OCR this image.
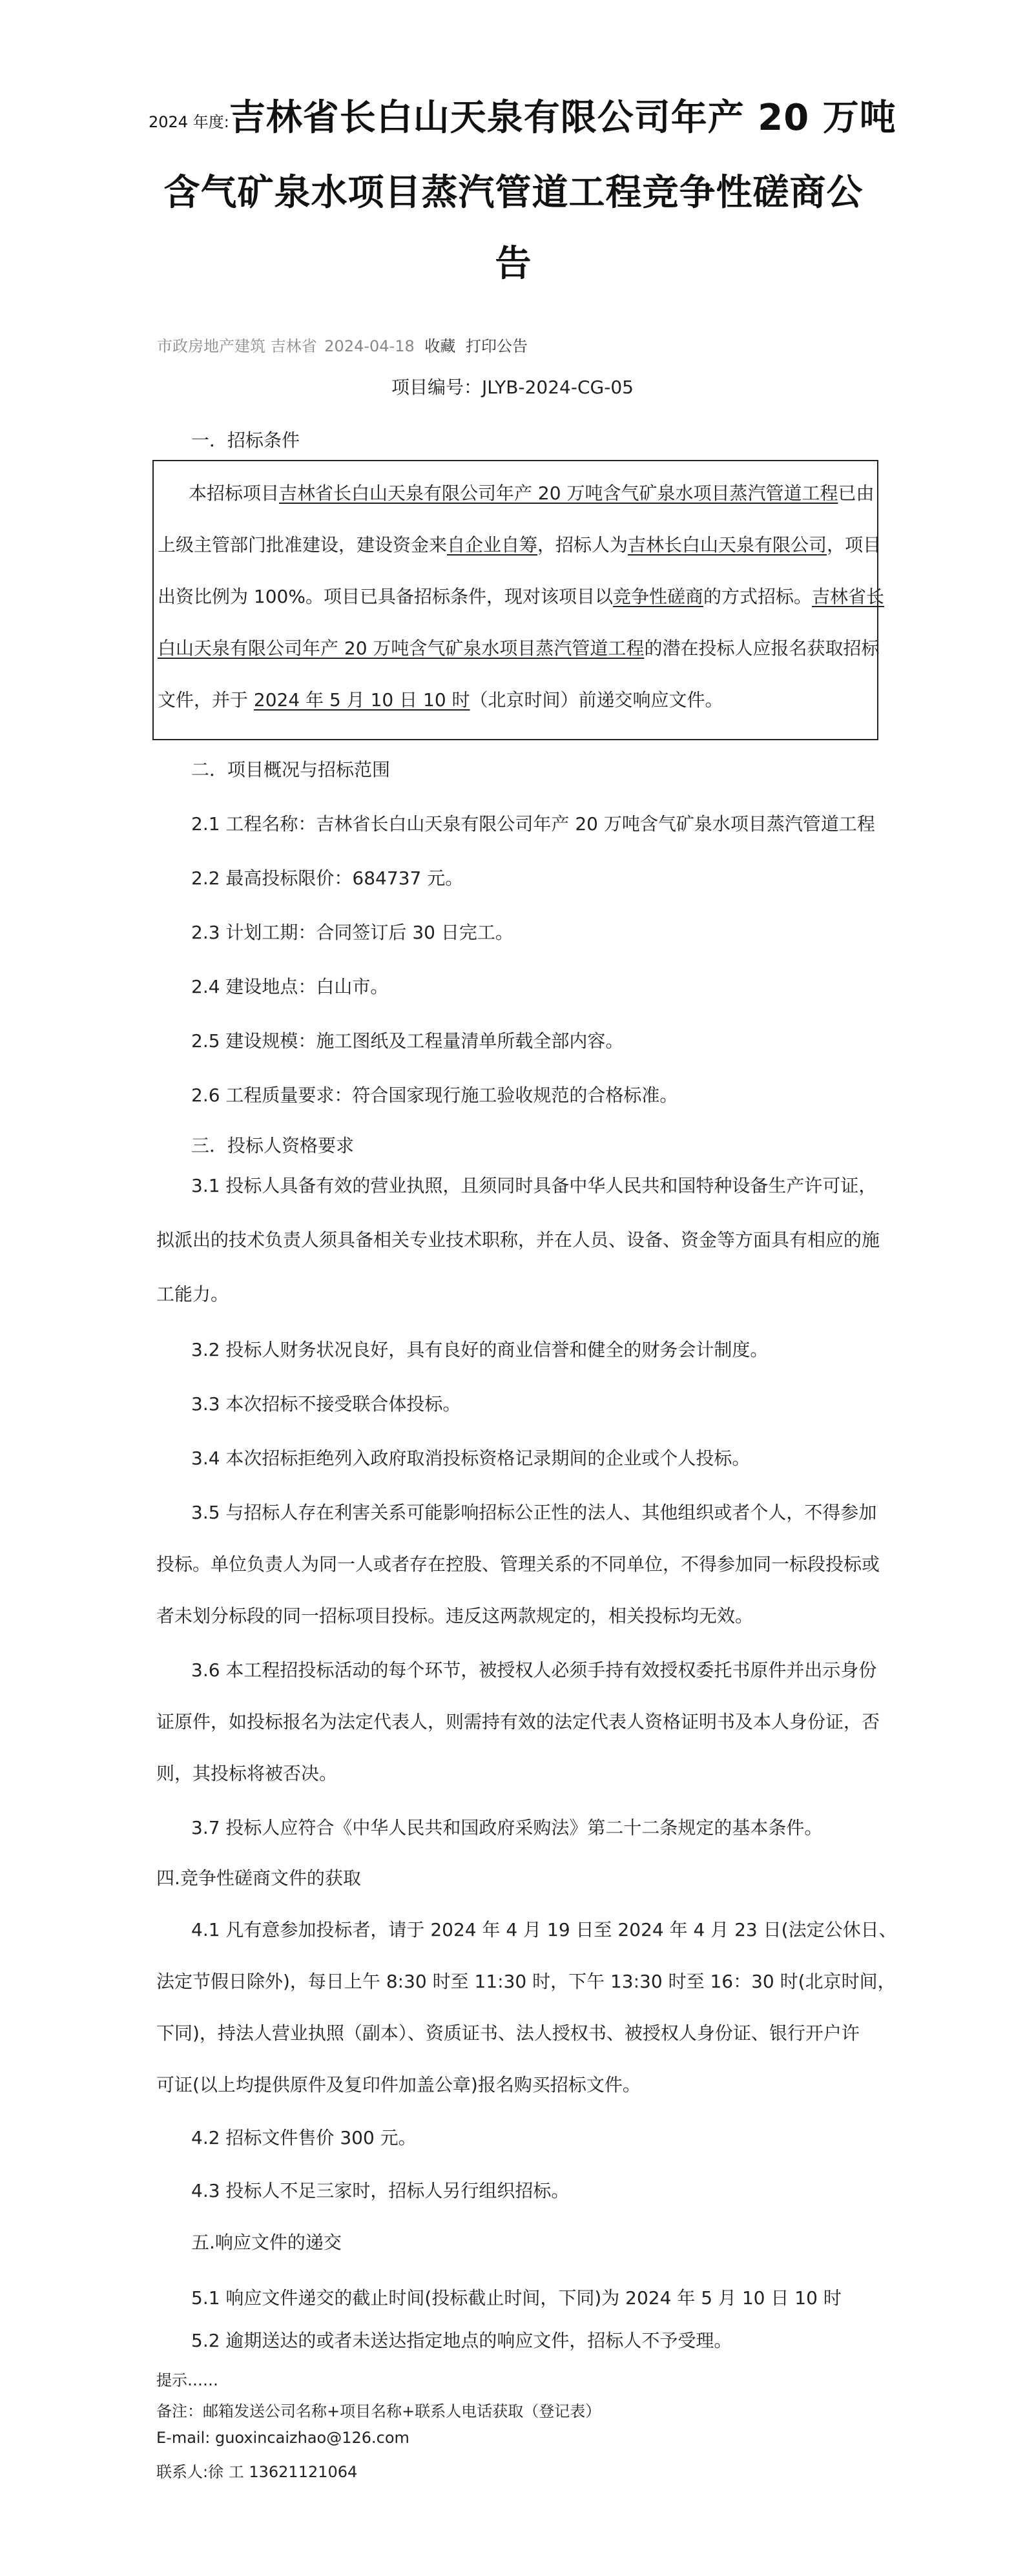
2024 年度:吉林省长白山天泉有限公司年产 20 万吨
含气矿泉水项目蒸汽管道工程竞争性磋商公
告
市政房地产建筑 吉林省 2024-04-18 收藏 打印公告
项目编号：JLYB-2024-CG-05
一．招标条件
本招标项目吉林省长白山天泉有限公司年产 20 万吨含气矿泉水项目蒸汽管道工程已由
上级主管部门批准建设，建设资金来自企业自筹，招标人为吉林长白山天泉有限公司，项目
出资比例为 100%。项目已具备招标条件，现对该项目以竞争性磋商的方式招标。吉林省长
白山天泉有限公司年产 20 万吨含气矿泉水项目蒸汽管道工程的潜在投标人应报名获取招标
文件，并于 2024 年 5 月 10 日 10 时（北京时间）前递交响应文件。
二．项目概况与招标范围
2.1 工程名称：吉林省长白山天泉有限公司年产 20 万吨含气矿泉水项目蒸汽管道工程
2.2 最高投标限价：684737 元。
2.3 计划工期：合同签订后 30 日完工。
2.4 建设地点：白山市。
2.5 建设规模：施工图纸及工程量清单所载全部内容。
2.6 工程质量要求：符合国家现行施工验收规范的合格标准。
三．投标人资格要求
3.1 投标人具备有效的营业执照，且须同时具备中华人民共和国特种设备生产许可证，
拟派出的技术负责人须具备相关专业技术职称，并在人员、设备、资金等方面具有相应的施
工能力。
3.2 投标人财务状况良好，具有良好的商业信誉和健全的财务会计制度。
3.3 本次招标不接受联合体投标。
3.4 本次招标拒绝列入政府取消投标资格记录期间的企业或个人投标。
3.5 与招标人存在利害关系可能影响招标公正性的法人、其他组织或者个人，不得参加
投标。单位负责人为同一人或者存在控股、管理关系的不同单位，不得参加同一标段投标或
者未划分标段的同一招标项目投标。违反这两款规定的，相关投标均无效。
3.6 本工程招投标活动的每个环节，被授权人必须手持有效授权委托书原件并出示身份
证原件，如投标报名为法定代表人，则需持有效的法定代表人资格证明书及本人身份证，否
则，其投标将被否决。
3.7 投标人应符合《中华人民共和国政府采购法》第二十二条规定的基本条件。
四.竞争性磋商文件的获取
4.1 凡有意参加投标者，请于 2024 年 4 月 19 日至 2024 年 4 月 23 日(法定公休日、
法定节假日除外)，每日上午 8:30 时至 11:30 时，下午 13:30 时至 16：30 时(北京时间，
下同)，持法人营业执照（副本）、资质证书、法人授权书、被授权人身份证、银行开户许
可证(以上均提供原件及复印件加盖公章)报名购买招标文件。
4.2 招标文件售价 300 元。
4.3 投标人不足三家时，招标人另行组织招标。
五.响应文件的递交
5.1 响应文件递交的截止时间(投标截止时间，下同)为 2024 年 5 月 10 日 10 时
5.2 逾期送达的或者未送达指定地点的响应文件，招标人不予受理。
提示……
备注：邮箱发送公司名称+项目名称+联系人电话获取（登记表）
E-mail: guoxincaizhao@126.com
联系人:徐 工 13621121064
